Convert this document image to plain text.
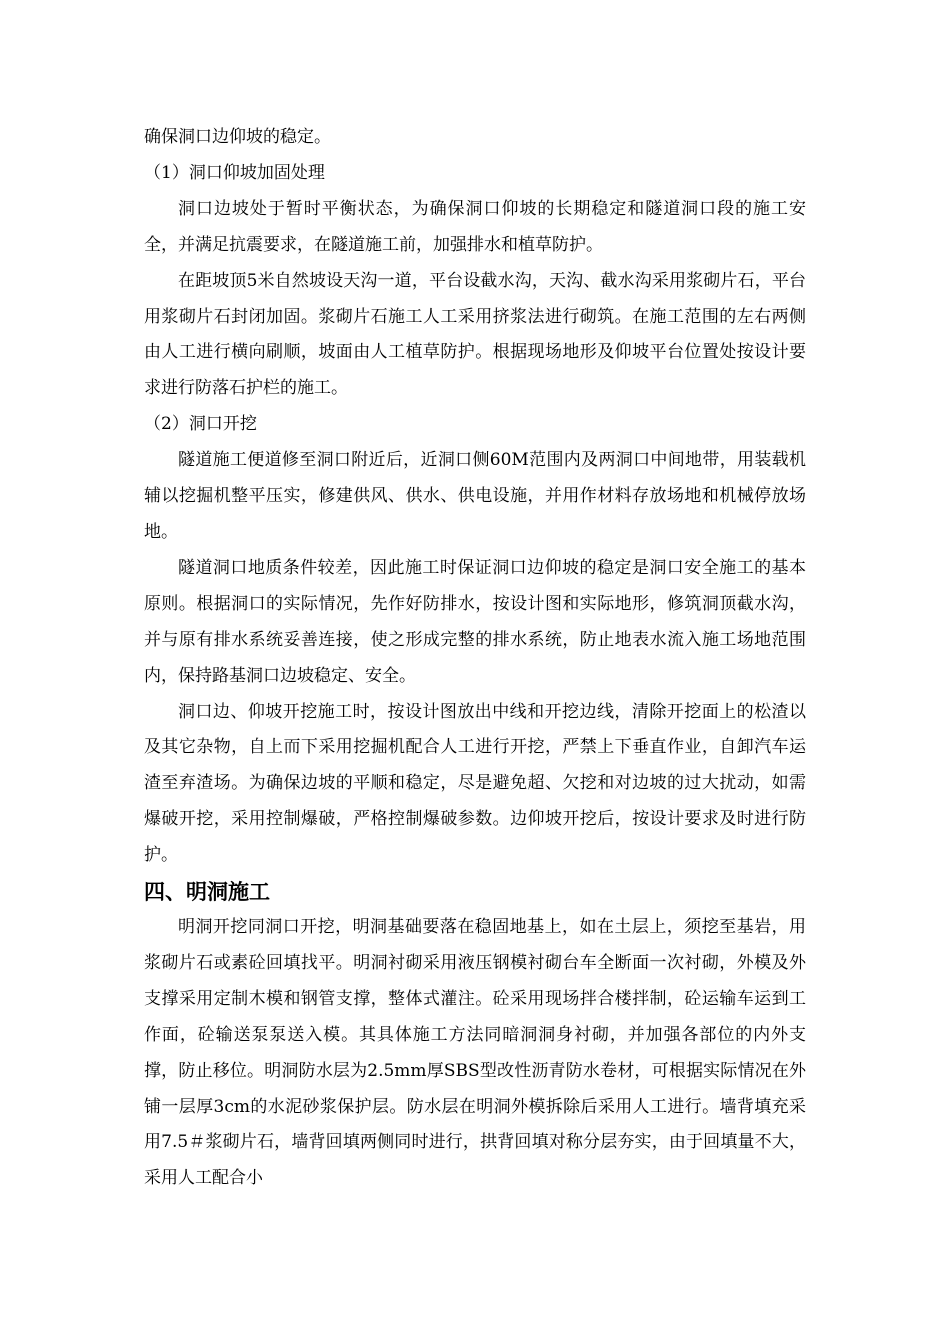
确保洞口边仰坡的稳定。

（1）洞口仰坡加固处理

洞口边坡处于暂时平衡状态，为确保洞口仰坡的长期稳定和隧道洞口段的施工安全，并满足抗震要求，在隧道施工前，加强排水和植草防护。

在距坡顶5米自然坡设天沟一道，平台设截水沟，天沟、截水沟采用浆砌片石，平台用浆砌片石封闭加固。浆砌片石施工人工采用挤浆法进行砌筑。在施工范围的左右两侧由人工进行横向刷顺，坡面由人工植草防护。根据现场地形及仰坡平台位置处按设计要求进行防落石护栏的施工。

（2）洞口开挖

隧道施工便道修至洞口附近后，近洞口侧60M范围内及两洞口中间地带，用装载机辅以挖掘机整平压实，修建供风、供水、供电设施，并用作材料存放场地和机械停放场地。

隧道洞口地质条件较差，因此施工时保证洞口边仰坡的稳定是洞口安全施工的基本原则。根据洞口的实际情况，先作好防排水，按设计图和实际地形，修筑洞顶截水沟，并与原有排水系统妥善连接，使之形成完整的排水系统，防止地表水流入施工场地范围内，保持路基洞口边坡稳定、安全。

洞口边、仰坡开挖施工时，按设计图放出中线和开挖边线，清除开挖面上的松渣以及其它杂物，自上而下采用挖掘机配合人工进行开挖，严禁上下垂直作业，自卸汽车运渣至弃渣场。为确保边坡的平顺和稳定，尽是避免超、欠挖和对边坡的过大扰动，如需爆破开挖，采用控制爆破，严格控制爆破参数。边仰坡开挖后，按设计要求及时进行防护。

四、明洞施工

明洞开挖同洞口开挖，明洞基础要落在稳固地基上，如在土层上，须挖至基岩，用浆砌片石或素砼回填找平。明洞衬砌采用液压钢模衬砌台车全断面一次衬砌，外模及外支撑采用定制木模和钢管支撑，整体式灌注。砼采用现场拌合楼拌制，砼运输车运到工作面，砼输送泵泵送入模。其具体施工方法同暗洞洞身衬砌，并加强各部位的内外支撑，防止移位。明洞防水层为2.5mm厚SBS型改性沥青防水卷材，可根据实际情况在外铺一层厚3cm的水泥砂浆保护层。防水层在明洞外模拆除后采用人工进行。墙背填充采用7.5＃浆砌片石，墙背回填两侧同时进行，拱背回填对称分层夯实，由于回填量不大，采用人工配合小
